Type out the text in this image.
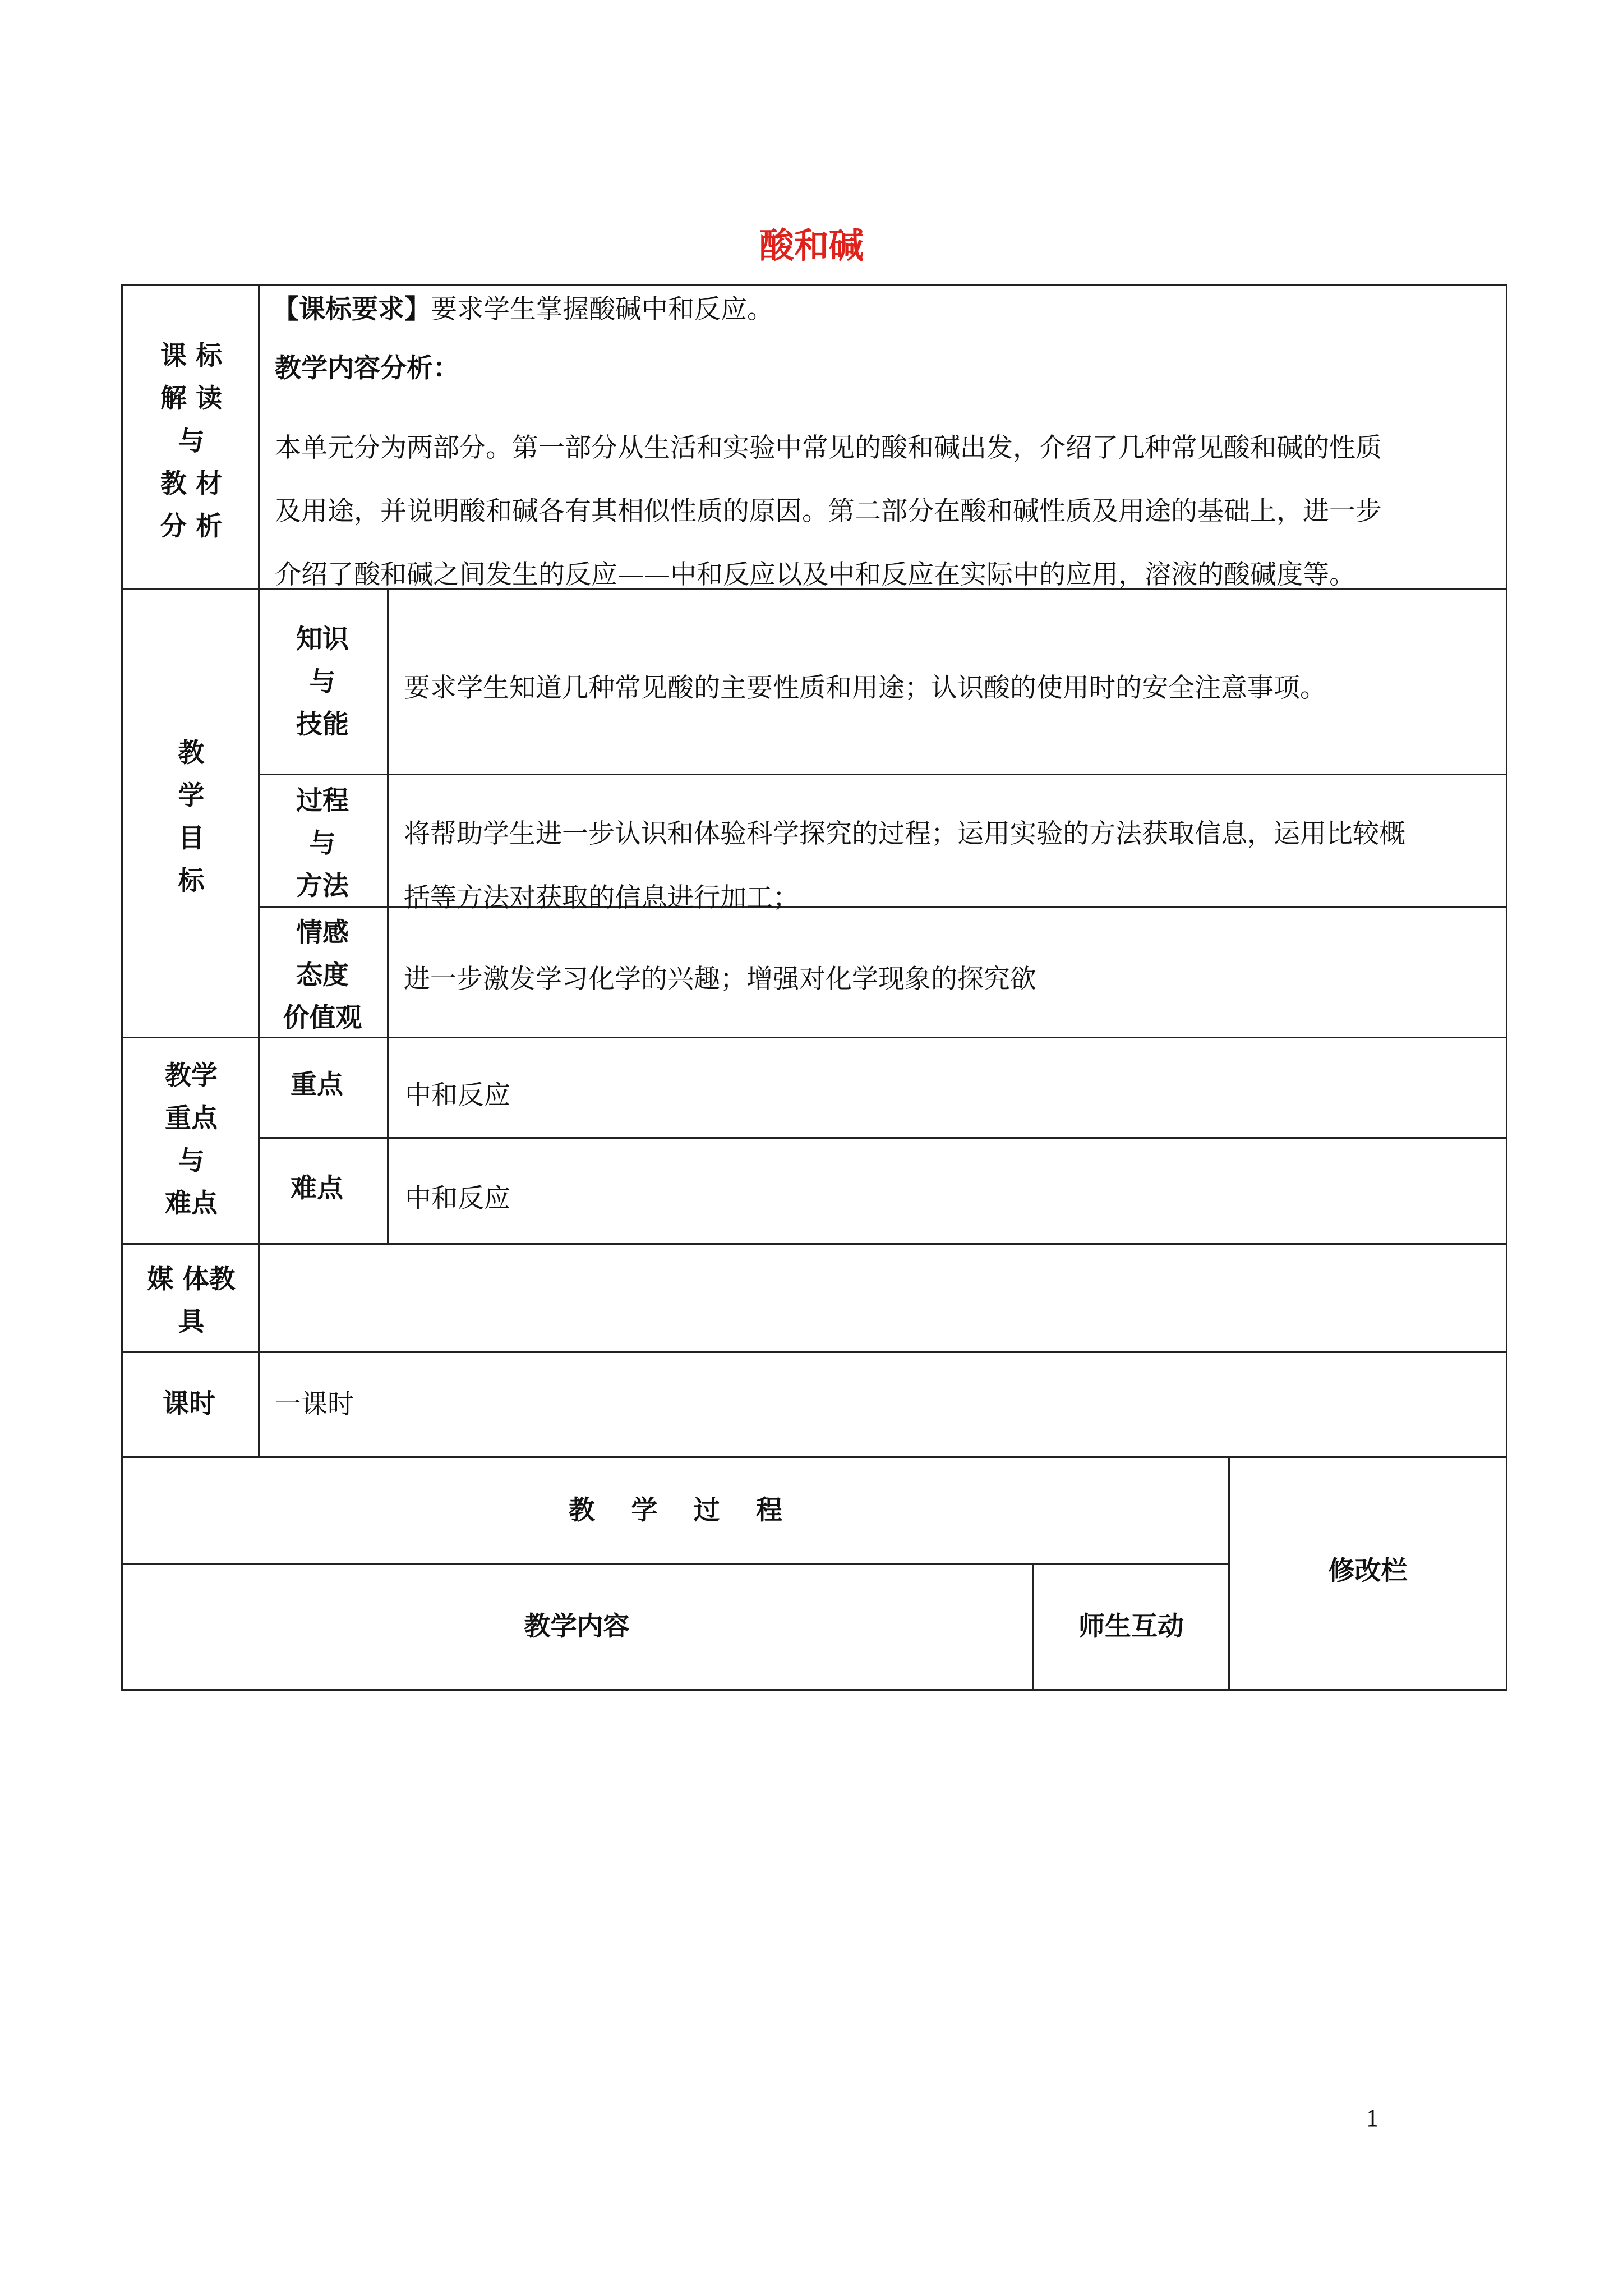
酸和碱
课 标
解 读
与
教 材
分 析
【课标要求】要求学生掌握酸碱中和反应。
教学内容分析：
本单元分为两部分。第一部分从生活和实验中常见的酸和碱出发，介绍了几种常见酸和碱的性质
及用途，并说明酸和碱各有其相似性质的原因。第二部分在酸和碱性质及用途的基础上，进一步
介绍了酸和碱之间发生的反应——中和反应以及中和反应在实际中的应用，溶液的酸碱度等。
教
学
目
标
知识
与
技能
要求学生知道几种常见酸的主要性质和用途；认识酸的使用时的安全注意事项。
过程
与
方法
将帮助学生进一步认识和体验科学探究的过程；运用实验的方法获取信息，运用比较概
括等方法对获取的信息进行加工；
情感
态度
价值观
进一步激发学习化学的兴趣；增强对化学现象的探究欲
教学
重点
与
难点
重点 中和反应
难点 中和反应
媒 体教
具
课时 一课时
教 学 过 程
修改栏
教学内容	师生互动
1
